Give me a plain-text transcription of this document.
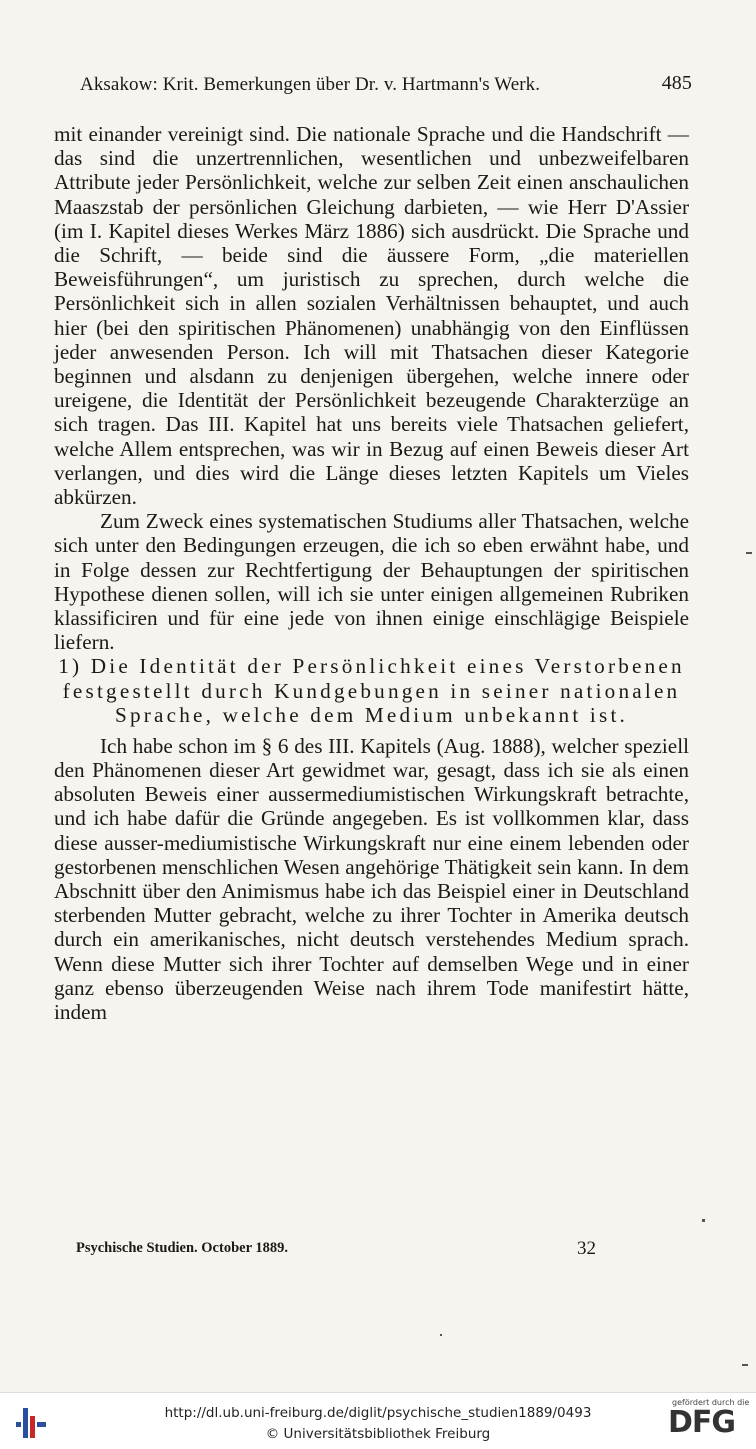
Aksakow: Krit. Bemerkungen über Dr. v. Hartmann's Werk.	485

mit einander vereinigt sind. Die nationale Sprache und die Handschrift — das sind die unzertrennlichen, wesentlichen und unbezweifelbaren Attribute jeder Persönlichkeit, welche zur selben Zeit einen anschaulichen Maaszstab der persönlichen Gleichung darbieten, — wie Herr D'Assier (im I. Kapitel dieses Werkes März 1886) sich ausdrückt. Die Sprache und die Schrift, — beide sind die äussere Form, „die materiellen Beweisführungen“, um juristisch zu sprechen, durch welche die Persönlichkeit sich in allen sozialen Verhältnissen behauptet, und auch hier (bei den spiritischen Phänomenen) unabhängig von den Einflüssen jeder anwesenden Person. Ich will mit Thatsachen dieser Kategorie beginnen und alsdann zu denjenigen übergehen, welche innere oder ureigene, die Identität der Persönlichkeit bezeugende Charakterzüge an sich tragen. Das III. Kapitel hat uns bereits viele Thatsachen geliefert, welche Allem entsprechen, was wir in Bezug auf einen Beweis dieser Art verlangen, und dies wird die Länge dieses letzten Kapitels um Vieles abkürzen.

Zum Zweck eines systematischen Studiums aller Thatsachen, welche sich unter den Bedingungen erzeugen, die ich so eben erwähnt habe, und in Folge dessen zur Rechtfertigung der Behauptungen der spiritischen Hypothese dienen sollen, will ich sie unter einigen allgemeinen Rubriken klassificiren und für eine jede von ihnen einige einschlägige Beispiele liefern.

1) Die Identität der Persönlichkeit eines Verstorbenen festgestellt durch Kundgebungen in seiner nationalen Sprache, welche dem Medium unbekannt ist.

Ich habe schon im § 6 des III. Kapitels (Aug. 1888), welcher speziell den Phänomenen dieser Art gewidmet war, gesagt, dass ich sie als einen absoluten Beweis einer aussermediumistischen Wirkungskraft betrachte, und ich habe dafür die Gründe angegeben. Es ist vollkommen klar, dass diese ausser-mediumistische Wirkungskraft nur eine einem lebenden oder gestorbenen menschlichen Wesen angehörige Thätigkeit sein kann. In dem Abschnitt über den Animismus habe ich das Beispiel einer in Deutschland sterbenden Mutter gebracht, welche zu ihrer Tochter in Amerika deutsch durch ein amerikanisches, nicht deutsch verstehendes Medium sprach. Wenn diese Mutter sich ihrer Tochter auf demselben Wege und in einer ganz ebenso überzeugenden Weise nach ihrem Tode manifestirt hätte, indem

Psychische Studien. October 1889.	32
http://dl.ub.uni-freiburg.de/diglit/psychische_studien1889/0493
© Universitätsbibliothek Freiburg
gefördert durch die
DFG
